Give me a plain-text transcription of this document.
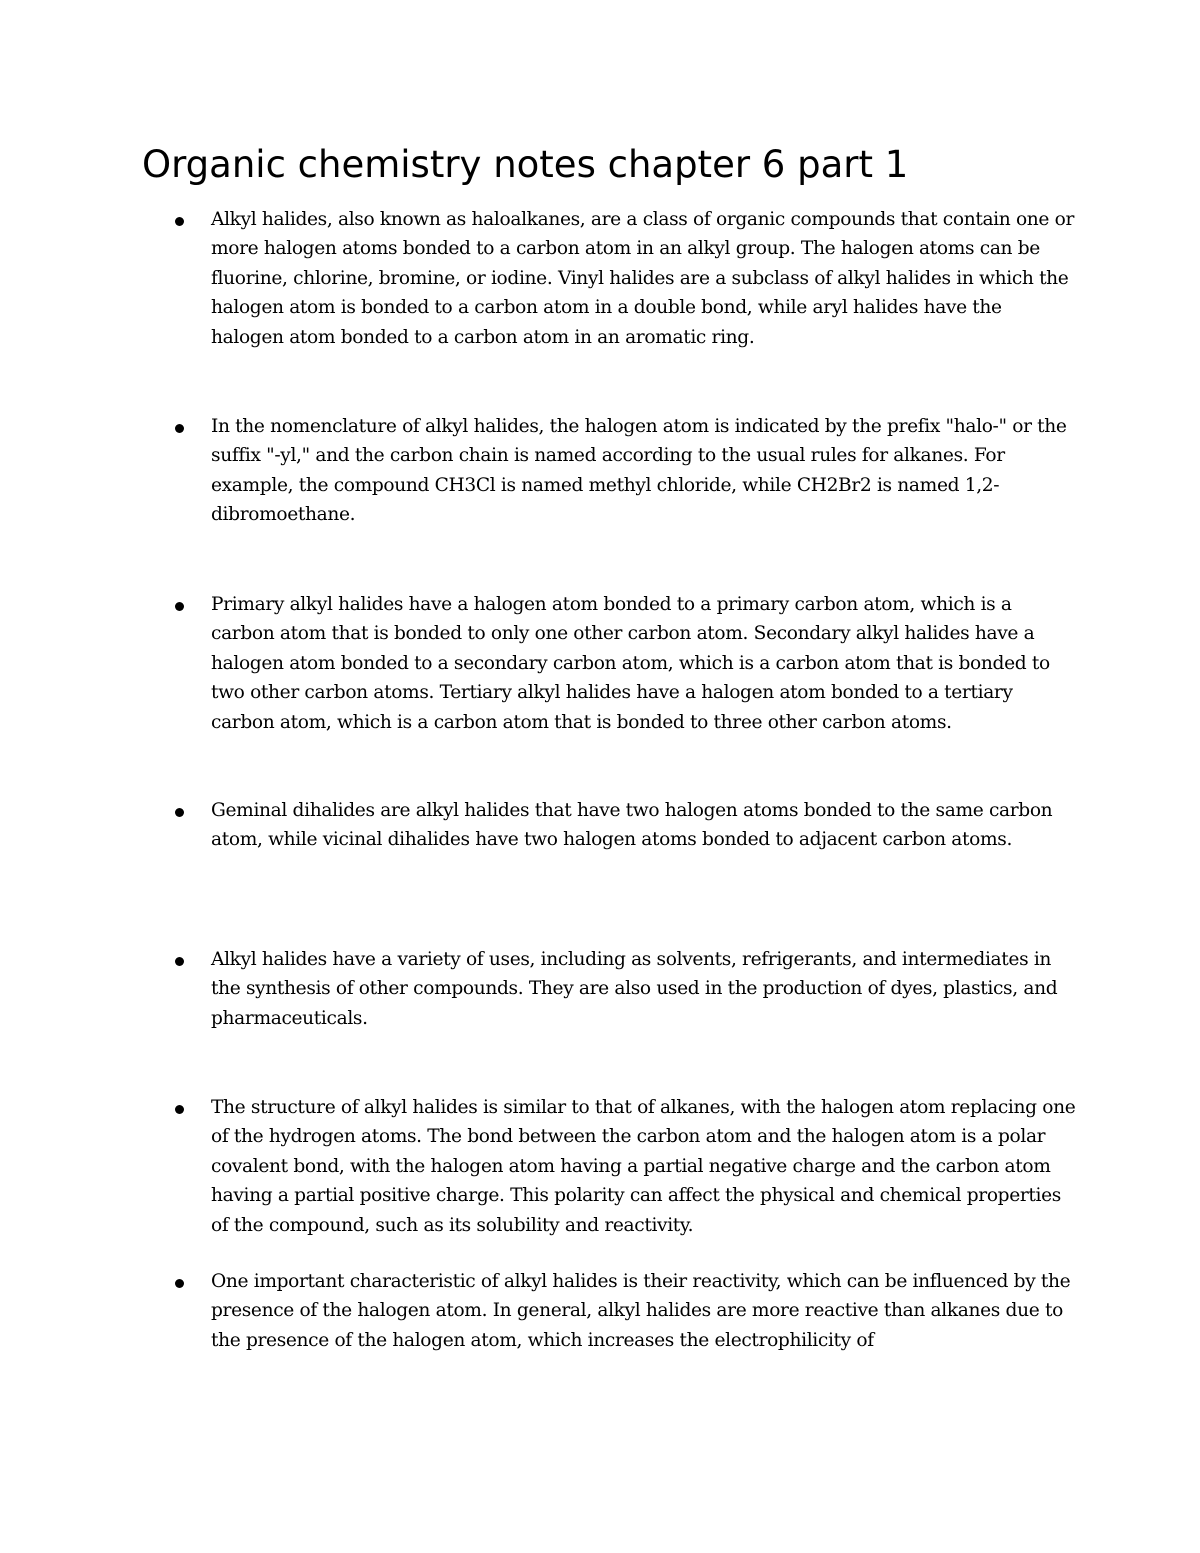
Organic chemistry notes chapter 6 part 1
Alkyl halides, also known as haloalkanes, are a class of organic compounds that contain one or more halogen atoms bonded to a carbon atom in an alkyl group. The halogen atoms can be fluorine, chlorine, bromine, or iodine. Vinyl halides are a subclass of alkyl halides in which the halogen atom is bonded to a carbon atom in a double bond, while aryl halides have the halogen atom bonded to a carbon atom in an aromatic ring.
In the nomenclature of alkyl halides, the halogen atom is indicated by the prefix "halo-" or the suffix "-yl," and the carbon chain is named according to the usual rules for alkanes. For example, the compound CH3Cl is named methyl chloride, while CH2Br2 is named 1,2-dibromoethane.
Primary alkyl halides have a halogen atom bonded to a primary carbon atom, which is a carbon atom that is bonded to only one other carbon atom. Secondary alkyl halides have a halogen atom bonded to a secondary carbon atom, which is a carbon atom that is bonded to two other carbon atoms. Tertiary alkyl halides have a halogen atom bonded to a tertiary carbon atom, which is a carbon atom that is bonded to three other carbon atoms.
Geminal dihalides are alkyl halides that have two halogen atoms bonded to the same carbon atom, while vicinal dihalides have two halogen atoms bonded to adjacent carbon atoms.
Alkyl halides have a variety of uses, including as solvents, refrigerants, and intermediates in the synthesis of other compounds. They are also used in the production of dyes, plastics, and pharmaceuticals.
The structure of alkyl halides is similar to that of alkanes, with the halogen atom replacing one of the hydrogen atoms. The bond between the carbon atom and the halogen atom is a polar covalent bond, with the halogen atom having a partial negative charge and the carbon atom having a partial positive charge. This polarity can affect the physical and chemical properties of the compound, such as its solubility and reactivity.
One important characteristic of alkyl halides is their reactivity, which can be influenced by the presence of the halogen atom. In general, alkyl halides are more reactive than alkanes due to the presence of the halogen atom, which increases the electrophilicity of
